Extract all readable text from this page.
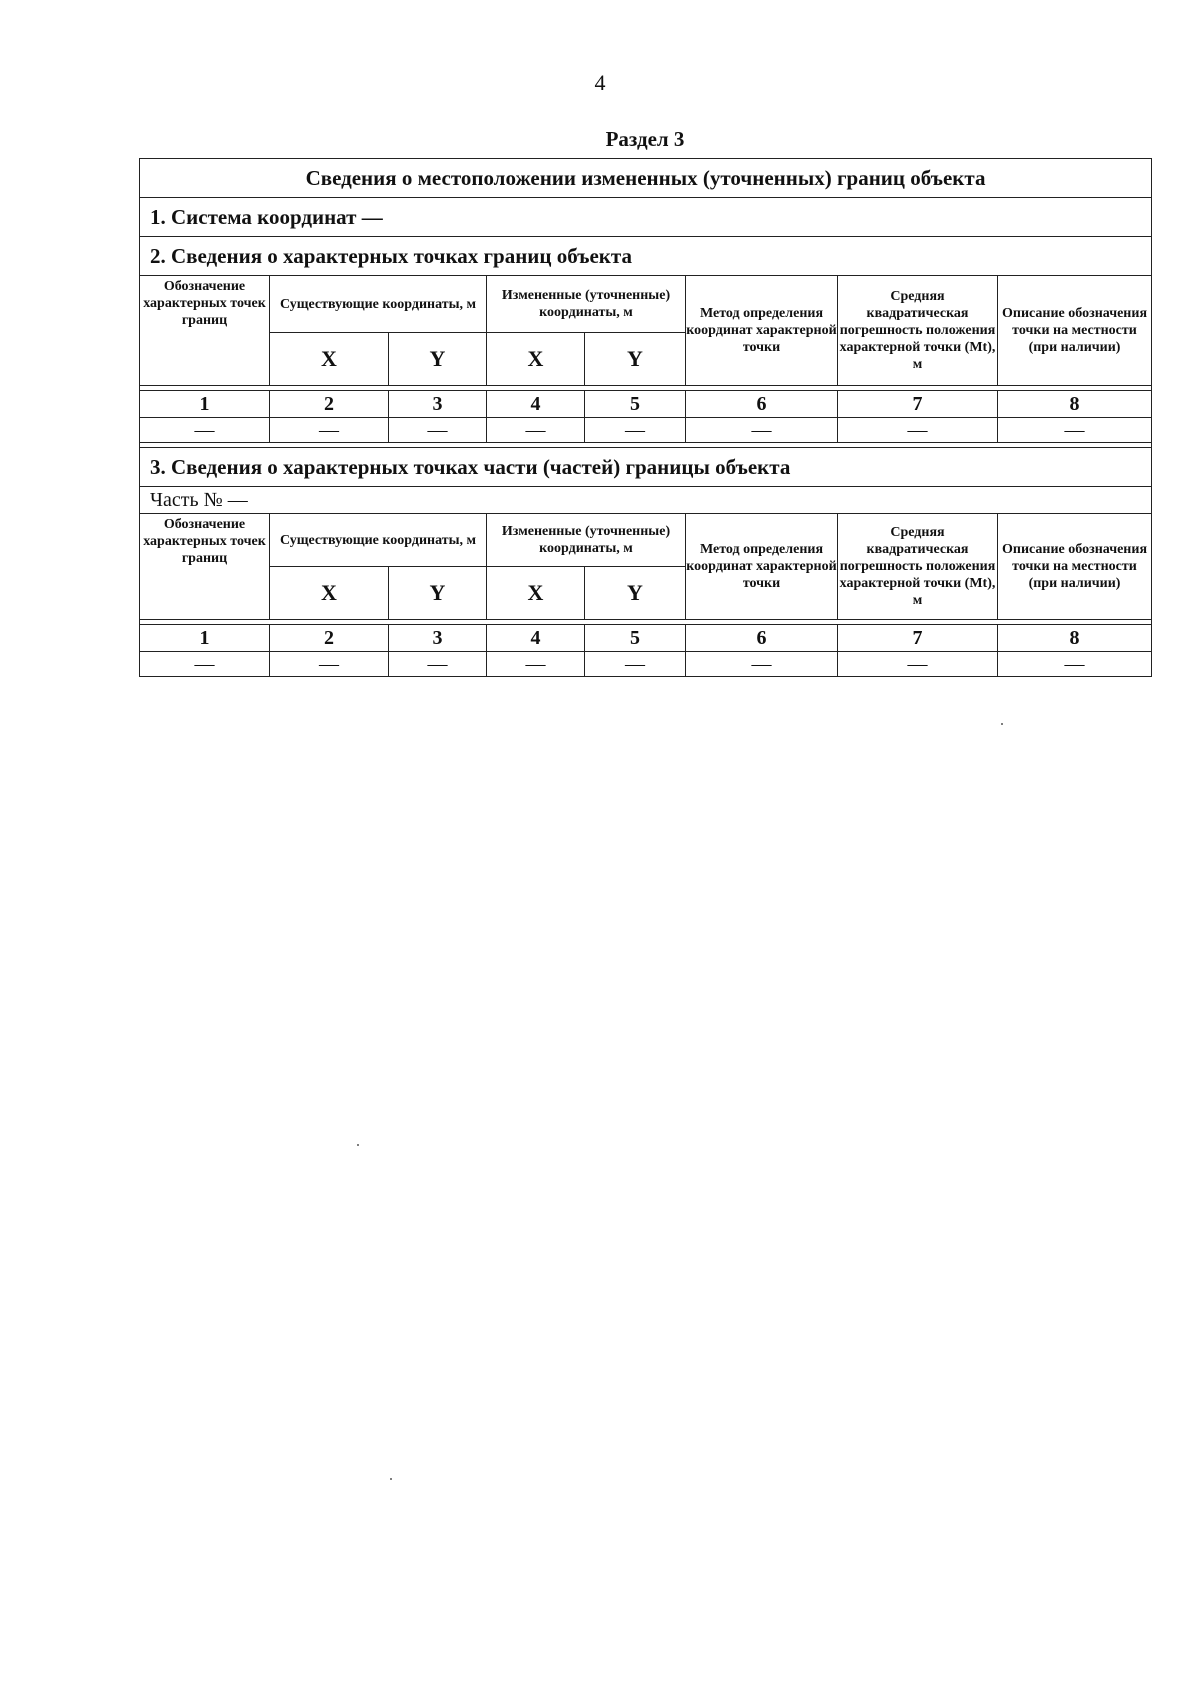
4
Раздел 3
Сведения о местоположении измененных (уточненных) границ объекта							
1. Система координат —							
2. Сведения о характерных точках границ объекта							
Обозначение характерных точек границ	Существующие координаты, м		Измененные (уточненные) координаты, м		Метод определения координат характерной точки	Средняя квадратическая погрешность положения характерной точки (Mt), м	Описание обозначения точки на местности (при наличии)
	X	Y	X	Y			

1	2	3	4	5	6	7	8
—	—	—	—	—	—	—	—

3. Сведения о характерных точках части (частей) границы объекта							
Часть № —							
Обозначение характерных точек границ	Существующие координаты, м		Измененные (уточненные) координаты, м		Метод определения координат характерной точки	Средняя квадратическая погрешность положения характерной точки (Mt), м	Описание обозначения точки на местности (при наличии)
	X	Y	X	Y			

1	2	3	4	5	6	7	8
—	—	—	—	—	—	—	—
